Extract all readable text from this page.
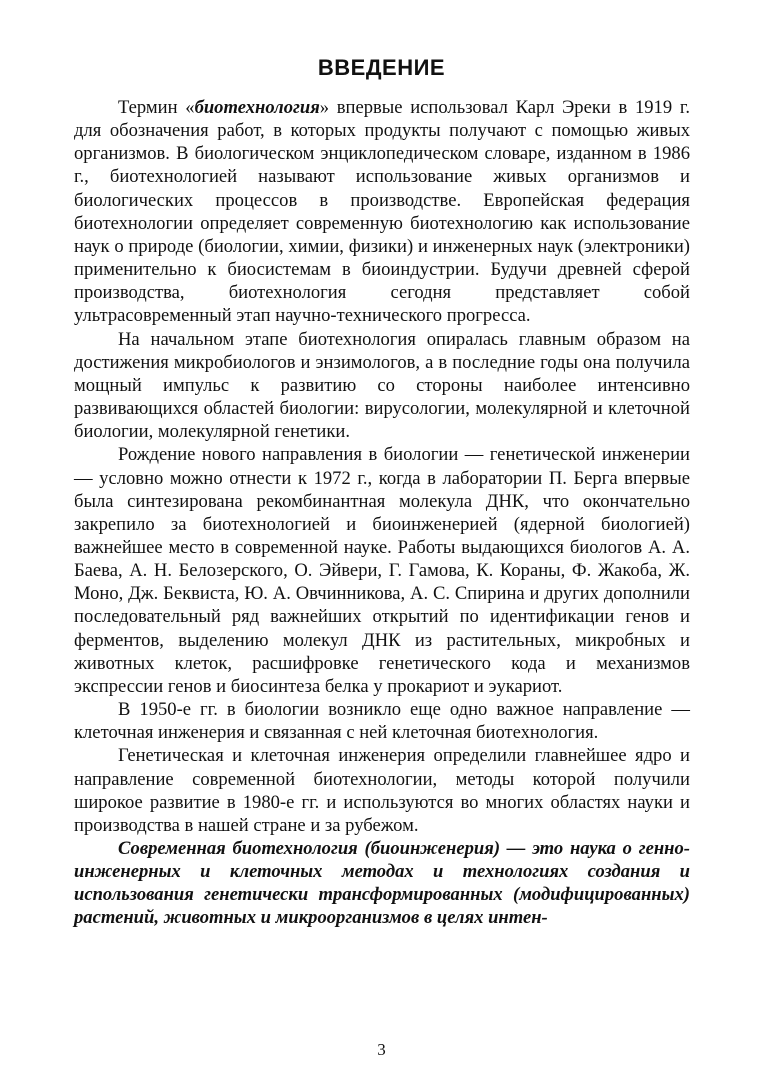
ВВЕДЕНИЕ

Термин «биотехнология» впервые использовал Карл Эреки в 1919 г. для обозначения работ, в которых продукты получают с помощью живых организмов. В биологическом энциклопедическом словаре, изданном в 1986 г., биотехнологией называют использование живых организмов и биологических процессов в производстве. Европейская федерация биотехнологии определяет современную биотехнологию как использование наук о природе (биологии, химии, физики) и инженерных наук (электроники) применительно к биосистемам в биоиндустрии. Будучи древней сферой производства, биотехнология сегодня представляет собой ультрасовременный этап научно-технического прогресса.

На начальном этапе биотехнология опиралась главным образом на достижения микробиологов и энзимологов, а в последние годы она получила мощный импульс к развитию со стороны наиболее интенсивно развивающихся областей биологии: вирусологии, молекулярной и клеточной биологии, молекулярной генетики.

Рождение нового направления в биологии — генетической инженерии — условно можно отнести к 1972 г., когда в лаборатории П. Берга впервые была синтезирована рекомбинантная молекула ДНК, что окончательно закрепило за биотехнологией и биоинженерией (ядерной биологией) важнейшее место в современной науке. Работы выдающихся биологов А. А. Баева, А. Н. Белозерского, О. Эйвери, Г. Гамова, К. Кораны, Ф. Жакоба, Ж. Моно, Дж. Беквиста, Ю. А. Овчинникова, А. С. Спирина и других дополнили последовательный ряд важнейших открытий по идентификации генов и ферментов, выделению молекул ДНК из растительных, микробных и животных клеток, расшифровке генетического кода и механизмов экспрессии генов и биосинтеза белка у прокариот и эукариот.

В 1950-е гг. в биологии возникло еще одно важное направление — клеточная инженерия и связанная с ней клеточная биотехнология.

Генетическая и клеточная инженерия определили главнейшее ядро и направление современной биотехнологии, методы которой получили широкое развитие в 1980-е гг. и используются во многих областях науки и производства в нашей стране и за рубежом.

Современная биотехнология (биоинженерия) — это наука о генно-инженерных и клеточных методах и технологиях создания и использования генетически трансформированных (модифицированных) растений, животных и микроорганизмов в целях интен-

3
